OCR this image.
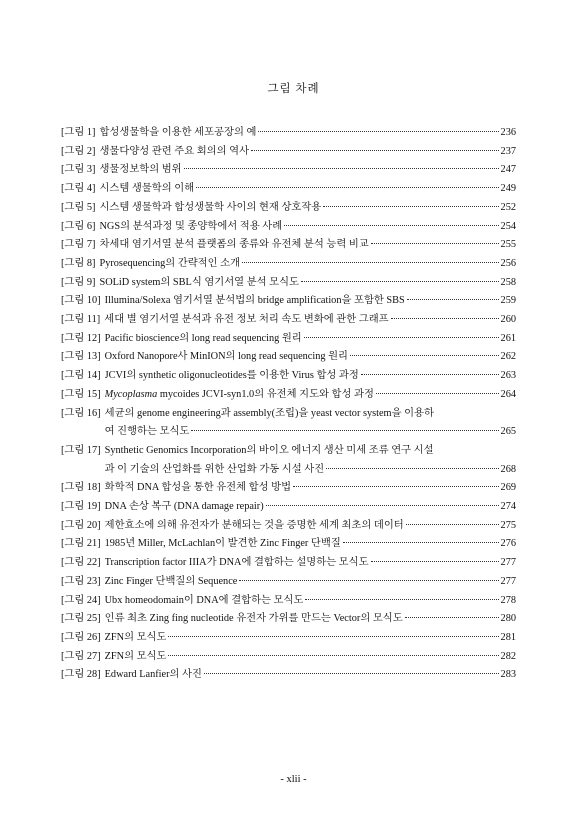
그림 차례
[그림 1] 합성생물학을 이용한 세포공장의 예	236
[그림 2] 생물다양성 관련 주요 회의의 역사	237
[그림 3] 생물정보학의 범위	247
[그림 4] 시스템 생물학의 이해	249
[그림 5] 시스템 생물학과 합성생물학 사이의 현재 상호작용	252
[그림 6] NGS의 분석과정 및 종양학에서 적용 사례	254
[그림 7] 차세대 염기서열 분석 플랫폼의 종류와 유전체 분석 능력 비교	255
[그림 8] Pyrosequencing의 간략적인 소개	256
[그림 9] SOLiD system의 SBL식 염기서열 분석 모식도	258
[그림 10] Illumina/Solexa 염기서열 분석법의 bridge amplification을 포함한 SBS	259
[그림 11] 세대 별 염기서열 분석과 유전 정보 처리 속도 변화에 관한 그래프	260
[그림 12] Pacific bioscience의 long read sequencing 원리	261
[그림 13] Oxford Nanopore사 MinION의 long read sequencing 원리	262
[그림 14] JCVI의 synthetic oligonucleotides를 이용한 Virus 합성 과정	263
[그림 15] Mycoplasma mycoides JCVI-syn1.0의 유전체 지도와 합성 과정	264
[그림 16] 세균의 genome engineering과 assembly(조립)을 yeast vector system을 이용하
여 진행하는 모식도	265
[그림 17] Synthetic Genomics Incorporation의 바이오 에너지 생산 미세 조류 연구 시설
과 이 기술의 산업화를 위한 산업화 가동 시설 사진	268
[그림 18] 화학적 DNA 합성을 통한 유전체 합성 방법	269
[그림 19] DNA 손상 복구 (DNA damage repair)	274
[그림 20] 제한효소에 의해 유전자가 분해되는 것을 증명한 세계 최초의 데이터	275
[그림 21] 1985년 Miller, McLachlan이 발견한 Zinc Finger 단백질	276
[그림 22] Transcription factor IIIA가 DNA에 결합하는 설명하는 모식도	277
[그림 23] Zinc Finger 단백질의 Sequence	277
[그림 24] Ubx homeodomain이 DNA에 결합하는 모식도	278
[그림 25] 인류 최초 Zing fing nucleotide 유전자 가위를 만드는 Vector의 모식도	280
[그림 26] ZFN의 모식도	281
[그림 27] ZFN의 모식도	282
[그림 28] Edward Lanfier의 사진	283
- xlii -
